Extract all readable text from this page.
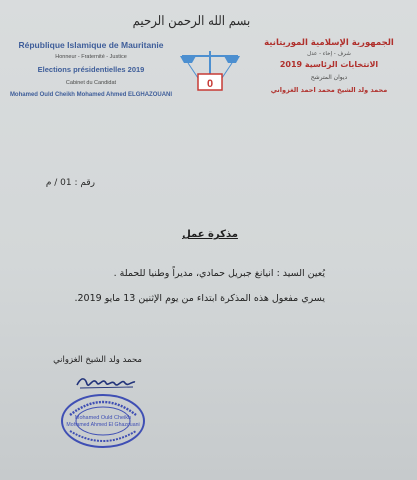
بسم الله الرحمن الرحيم
République Islamique de Mauritanie
Honneur - Fraternité - Justice
Elections présidentielles 2019
Cabinet du Candidat
Mohamed Ould Cheikh Mohamed Ahmed ELGHAZOUANI
0
الجمهورية الإسلامية الموريتانية
شرف - إخاء - عدل
الانتخابات الرئاسية 2019
ديوان المترشح
محمد ولد الشيخ محمد احمد الغزواني
رقم : 01 / م
مذكرة عمل
يُعين السيد : انيانغ جبريل حمادي، مديراً وطنيا للحملة .
يسري مفعول هذه المذكرة ابتداء من يوم الإثنين 13 مايو 2019.
محمد ولد الشيخ الغزواني
Mohamed Ould Cheikh
Mohamed Ahmed El Ghazouani
